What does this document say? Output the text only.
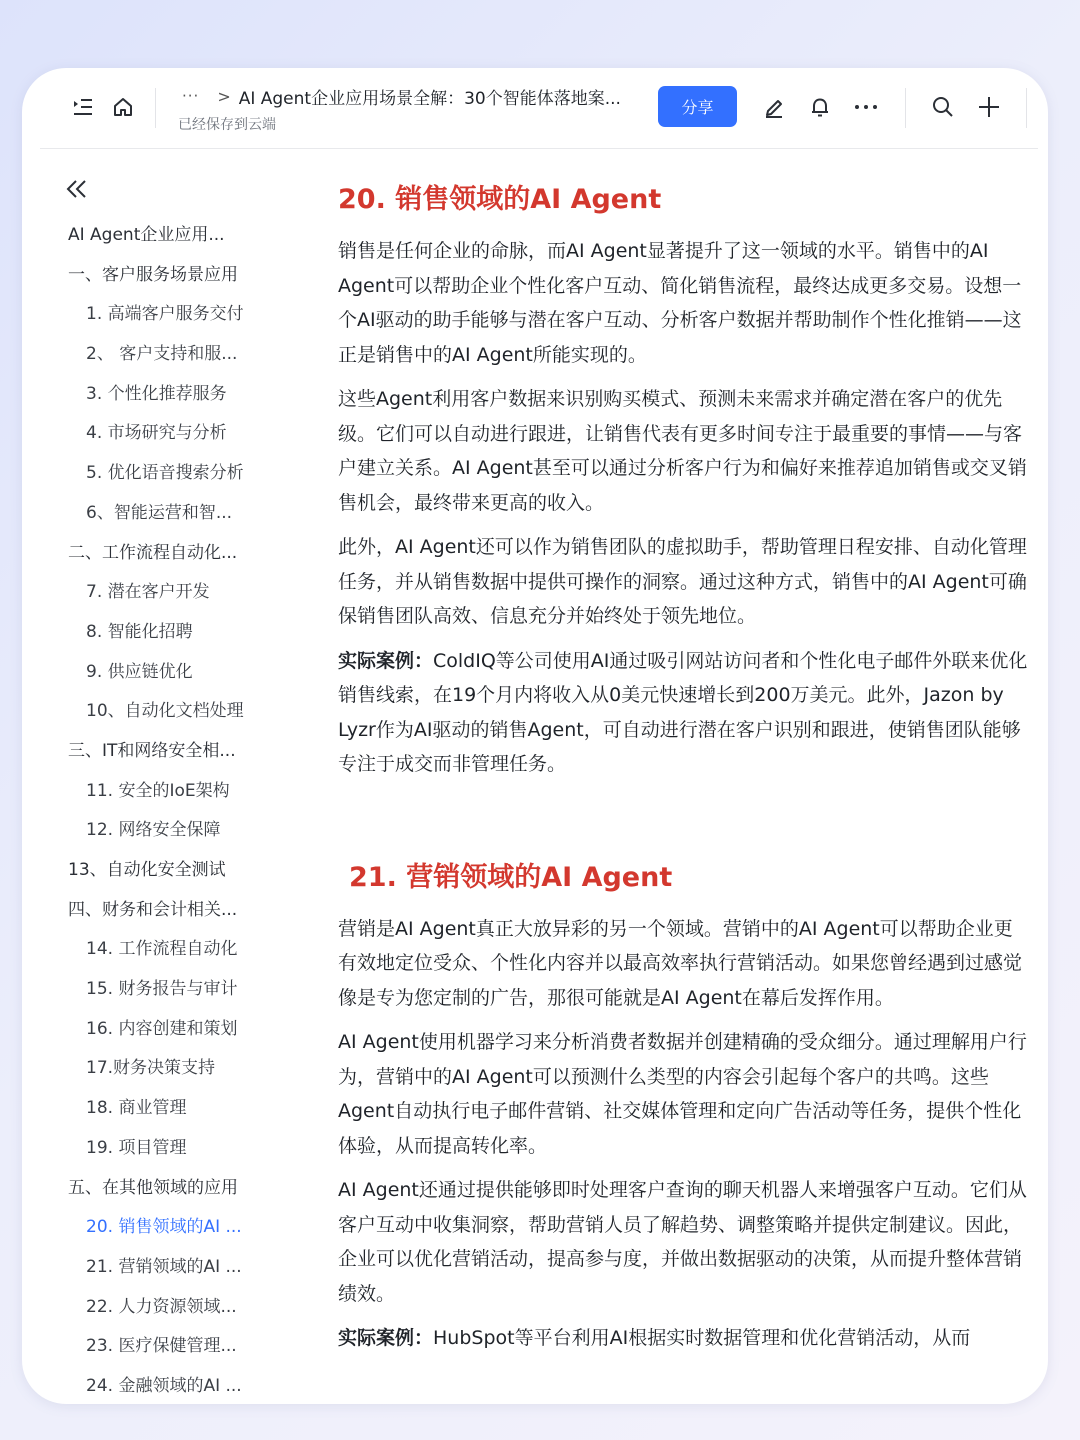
··· > AI Agent企业应用场景全解：30个智能体落地案...
已经保存到云端
分享
AI Agent企业应用...
一、客户服务场景应用
1. 高端客户服务交付
2、 客户支持和服...
3. 个性化推荐服务
4. 市场研究与分析
5. 优化语音搜索分析
6、智能运营和智...
二、工作流程自动化...
7. 潜在客户开发
8. 智能化招聘
9. 供应链优化
10、自动化文档处理
三、IT和网络安全相...
11. 安全的IoE架构
12. 网络安全保障
13、自动化安全测试
四、财务和会计相关...
14. 工作流程自动化
15. 财务报告与审计
16. 内容创建和策划
17.财务决策支持
18. 商业管理
19. 项目管理
五、在其他领域的应用
20. 销售领域的AI ...
21. 营销领域的AI ...
22. 人力资源领域...
23. 医疗保健管理...
24. 金融领域的AI ...
20. 销售领域的AI Agent

销售是任何企业的命脉，而AI Agent显著提升了这一领域的水平。销售中的AI Agent可以帮助企业个性化客户互动、简化销售流程，最终达成更多交易。设想一个AI驱动的助手能够与潜在客户互动、分析客户数据并帮助制作个性化推销——这正是销售中的AI Agent所能实现的。

这些Agent利用客户数据来识别购买模式、预测未来需求并确定潜在客户的优先级。它们可以自动进行跟进，让销售代表有更多时间专注于最重要的事情——与客户建立关系。AI Agent甚至可以通过分析客户行为和偏好来推荐追加销售或交叉销售机会，最终带来更高的收入。

此外，AI Agent还可以作为销售团队的虚拟助手，帮助管理日程安排、自动化管理任务，并从销售数据中提供可操作的洞察。通过这种方式，销售中的AI Agent可确保销售团队高效、信息充分并始终处于领先地位。

实际案例：ColdIQ等公司使用AI通过吸引网站访问者和个性化电子邮件外联来优化销售线索，在19个月内将收入从0美元快速增长到200万美元。此外，Jazon by Lyzr作为AI驱动的销售Agent，可自动进行潜在客户识别和跟进，使销售团队能够专注于成交而非管理任务。

21. 营销领域的AI Agent

营销是AI Agent真正大放异彩的另一个领域。营销中的AI Agent可以帮助企业更有效地定位受众、个性化内容并以最高效率执行营销活动。如果您曾经遇到过感觉像是专为您定制的广告，那很可能就是AI Agent在幕后发挥作用。

AI Agent使用机器学习来分析消费者数据并创建精确的受众细分。通过理解用户行为，营销中的AI Agent可以预测什么类型的内容会引起每个客户的共鸣。这些Agent自动执行电子邮件营销、社交媒体管理和定向广告活动等任务，提供个性化体验，从而提高转化率。

AI Agent还通过提供能够即时处理客户查询的聊天机器人来增强客户互动。它们从客户互动中收集洞察，帮助营销人员了解趋势、调整策略并提供定制建议。因此，企业可以优化营销活动，提高参与度，并做出数据驱动的决策，从而提升整体营销绩效。

实际案例：HubSpot等平台利用AI根据实时数据管理和优化营销活动，从而
